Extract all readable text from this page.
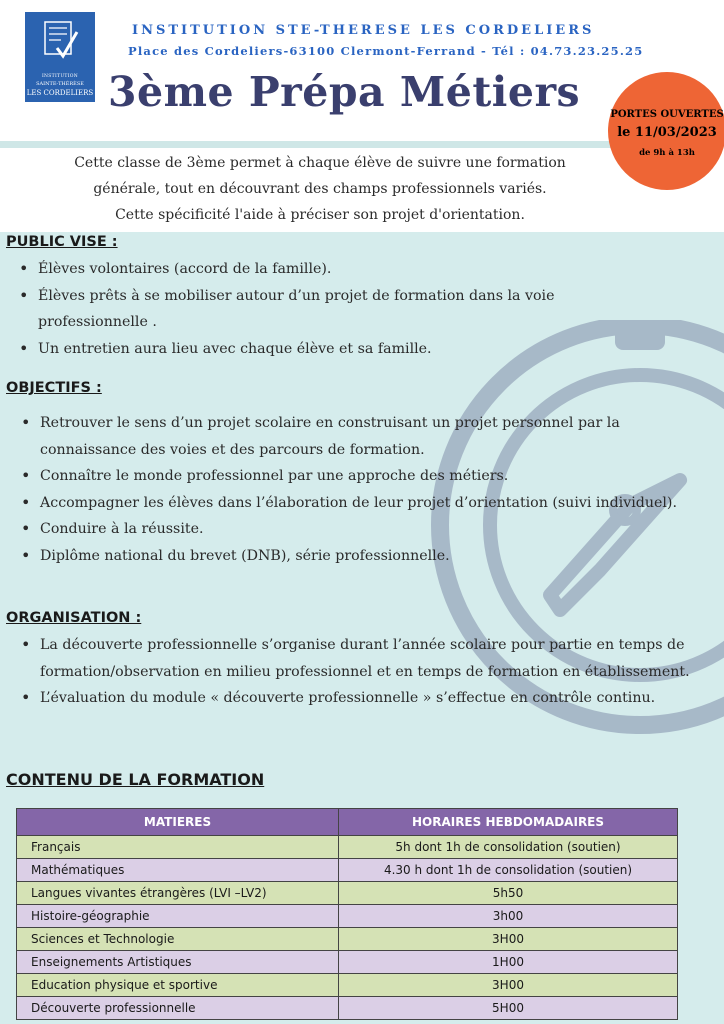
INSTITUTION
SAINTE-THÉRÈSE
LES CORDELIERS
INSTITUTION STE-THERESE LES CORDELIERS
Place des Cordeliers-63100 Clermont-Ferrand - Tél : 04.73.23.25.25
3ème Prépa Métiers
Cette classe de 3ème permet à chaque élève de suivre une formation
générale, tout en découvrant des champs professionnels variés.
Cette spécificité l'aide à préciser son projet d'orientation.
PORTES OUVERTES
le 11/03/2023
de 9h à 13h
PUBLIC VISE :
• Élèves volontaires (accord de la famille).
• Élèves prêts à se mobiliser autour d’un projet de formation dans la voie professionnelle .
• Un entretien aura lieu avec chaque élève et sa famille.
OBJECTIFS :
• Retrouver le sens d’un projet scolaire en construisant un projet personnel par la connaissance des voies et des parcours de formation.
• Connaître le monde professionnel par une approche des métiers.
• Accompagner les élèves dans l’élaboration de leur projet d’orientation (suivi individuel).
• Conduire à la réussite.
• Diplôme national du brevet (DNB), série professionnelle.
ORGANISATION :
• La découverte professionnelle s’organise durant l’année scolaire pour partie en temps de formation/observation en milieu professionnel et en temps de formation en établissement.
• L’évaluation du module « découverte professionnelle » s’effectue en contrôle continu.
CONTENU DE LA FORMATION
MATIERES	HORAIRES HEBDOMADAIRES
Français	5h dont 1h de consolidation (soutien)
Mathématiques	4.30 h dont 1h de consolidation (soutien)
Langues vivantes étrangères (LVI –LV2)	5h50
Histoire-géographie	3h00
Sciences et Technologie	3H00
Enseignements Artistiques	1H00
Education physique et sportive	3H00
Découverte professionnelle	5H00
